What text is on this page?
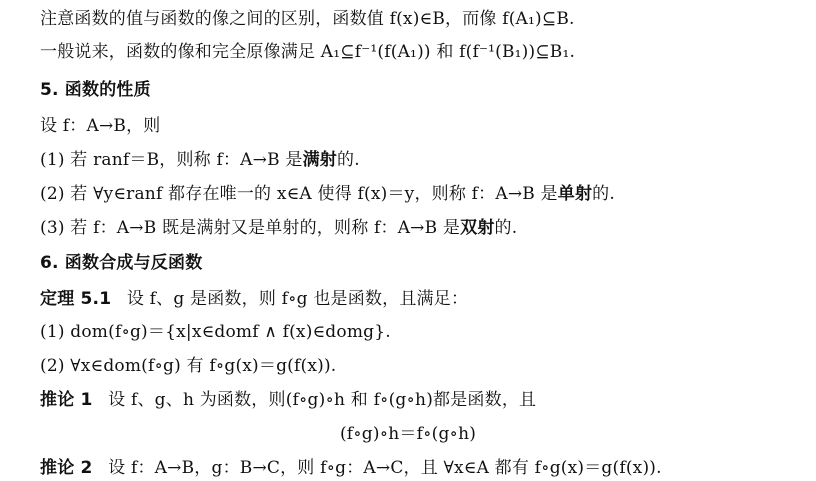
注意函数的值与函数的像之间的区别，函数值 f(x)∈B，而像 f(A₁)⊆B.
一般说来，函数的像和完全原像满足 A₁⊆f⁻¹(f(A₁)) 和 f(f⁻¹(B₁))⊆B₁.
5. 函数的性质
设 f：A→B，则
(1) 若 ranf＝B，则称 f：A→B 是满射的.
(2) 若 ∀y∈ranf 都存在唯一的 x∈A 使得 f(x)＝y，则称 f：A→B 是单射的.
(3) 若 f：A→B 既是满射又是单射的，则称 f：A→B 是双射的.
6. 函数合成与反函数
定理 5.1 设 f、g 是函数，则 f∘g 也是函数，且满足：
(1) dom(f∘g)＝{x|x∈domf ∧ f(x)∈domg}.
(2) ∀x∈dom(f∘g) 有 f∘g(x)＝g(f(x)).
推论 1 设 f、g、h 为函数，则(f∘g)∘h 和 f∘(g∘h)都是函数，且
(f∘g)∘h＝f∘(g∘h)
推论 2 设 f：A→B，g：B→C，则 f∘g：A→C，且 ∀x∈A 都有 f∘g(x)＝g(f(x)).
